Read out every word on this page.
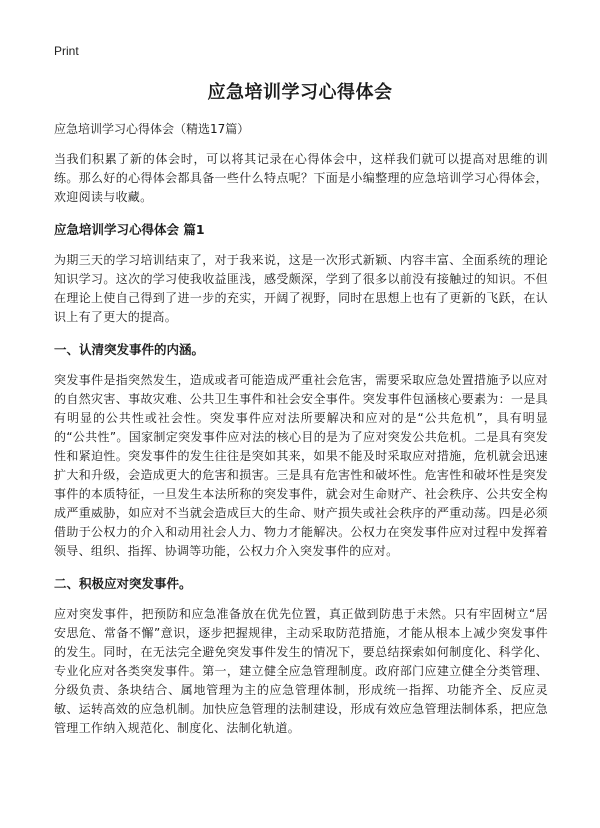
Print
应急培训学习心得体会
应急培训学习心得体会（精选17篇）

当我们积累了新的体会时，可以将其记录在心得体会中，这样我们就可以提高对思维的训练。那么好的心得体会都具备一些什么特点呢？下面是小编整理的应急培训学习心得体会，欢迎阅读与收藏。

应急培训学习心得体会 篇1

为期三天的学习培训结束了，对于我来说，这是一次形式新颖、内容丰富、全面系统的理论知识学习。这次的学习使我收益匪浅，感受颇深，学到了很多以前没有接触过的知识。不但在理论上使自己得到了进一步的充实，开阔了视野，同时在思想上也有了更新的飞跃，在认识上有了更大的提高。

一、认清突发事件的内涵。

突发事件是指突然发生，造成或者可能造成严重社会危害，需要采取应急处置措施予以应对的自然灾害、事故灾难、公共卫生事件和社会安全事件。突发事件包涵核心要素为：一是具有明显的公共性或社会性。突发事件应对法所要解决和应对的是“公共危机”，具有明显的“公共性”。国家制定突发事件应对法的核心目的是为了应对突发公共危机。二是具有突发性和紧迫性。突发事件的发生往往是突如其来，如果不能及时采取应对措施，危机就会迅速扩大和升级，会造成更大的危害和损害。三是具有危害性和破坏性。危害性和破坏性是突发事件的本质特征，一旦发生本法所称的突发事件，就会对生命财产、社会秩序、公共安全构成严重威胁，如应对不当就会造成巨大的生命、财产损失或社会秩序的严重动荡。四是必须借助于公权力的介入和动用社会人力、物力才能解决。公权力在突发事件应对过程中发挥着领导、组织、指挥、协调等功能，公权力介入突发事件的应对。

二、积极应对突发事件。

应对突发事件，把预防和应急准备放在优先位置，真正做到防患于未然。只有牢固树立“居安思危、常备不懈”意识，逐步把握规律，主动采取防范措施，才能从根本上减少突发事件的发生。同时，在无法完全避免突发事件发生的情况下，要总结探索如何制度化、科学化、专业化应对各类突发事件。第一，建立健全应急管理制度。政府部门应建立健全分类管理、分级负责、条块结合、属地管理为主的应急管理体制，形成统一指挥、功能齐全、反应灵敏、运转高效的应急机制。加快应急管理的法制建设，形成有效应急管理法制体系，把应急管理工作纳入规范化、制度化、法制化轨道。
